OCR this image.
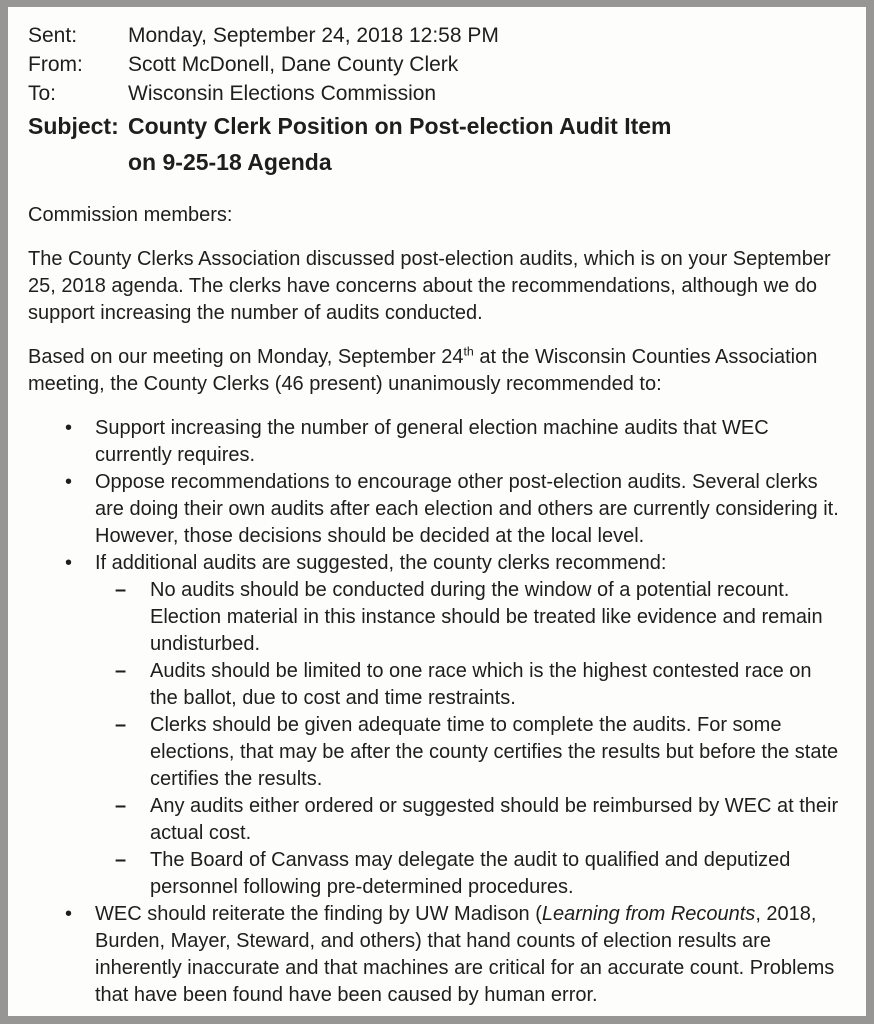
Sent:	Monday, September 24, 2018 12:58 PM
From:	Scott McDonell, Dane County Clerk
To:	Wisconsin Elections Commission
Subject: County Clerk Position on Post-election Audit Item
on 9-25-18 Agenda

Commission members:

The County Clerks Association discussed post-election audits, which is on your September 25, 2018 agenda. The clerks have concerns about the recommendations, although we do support increasing the number of audits conducted.

Based on our meeting on Monday, September 24th at the Wisconsin Counties Association meeting, the County Clerks (46 present) unanimously recommended to:

•	Support increasing the number of general election machine audits that WEC currently requires.
•	Oppose recommendations to encourage other post-election audits. Several clerks are doing their own audits after each election and others are currently considering it. However, those decisions should be decided at the local level.
•	If additional audits are suggested, the county clerks recommend:
–	No audits should be conducted during the window of a potential recount. Election material in this instance should be treated like evidence and remain undisturbed.
–	Audits should be limited to one race which is the highest contested race on the ballot, due to cost and time restraints.
–	Clerks should be given adequate time to complete the audits. For some elections, that may be after the county certifies the results but before the state certifies the results.
–	Any audits either ordered or suggested should be reimbursed by WEC at their actual cost.
–	The Board of Canvass may delegate the audit to qualified and deputized personnel following pre-determined procedures.
•	WEC should reiterate the finding by UW Madison (Learning from Recounts, 2018, Burden, Mayer, Steward, and others) that hand counts of election results are inherently inaccurate and that machines are critical for an accurate count. Problems that have been found have been caused by human error.
